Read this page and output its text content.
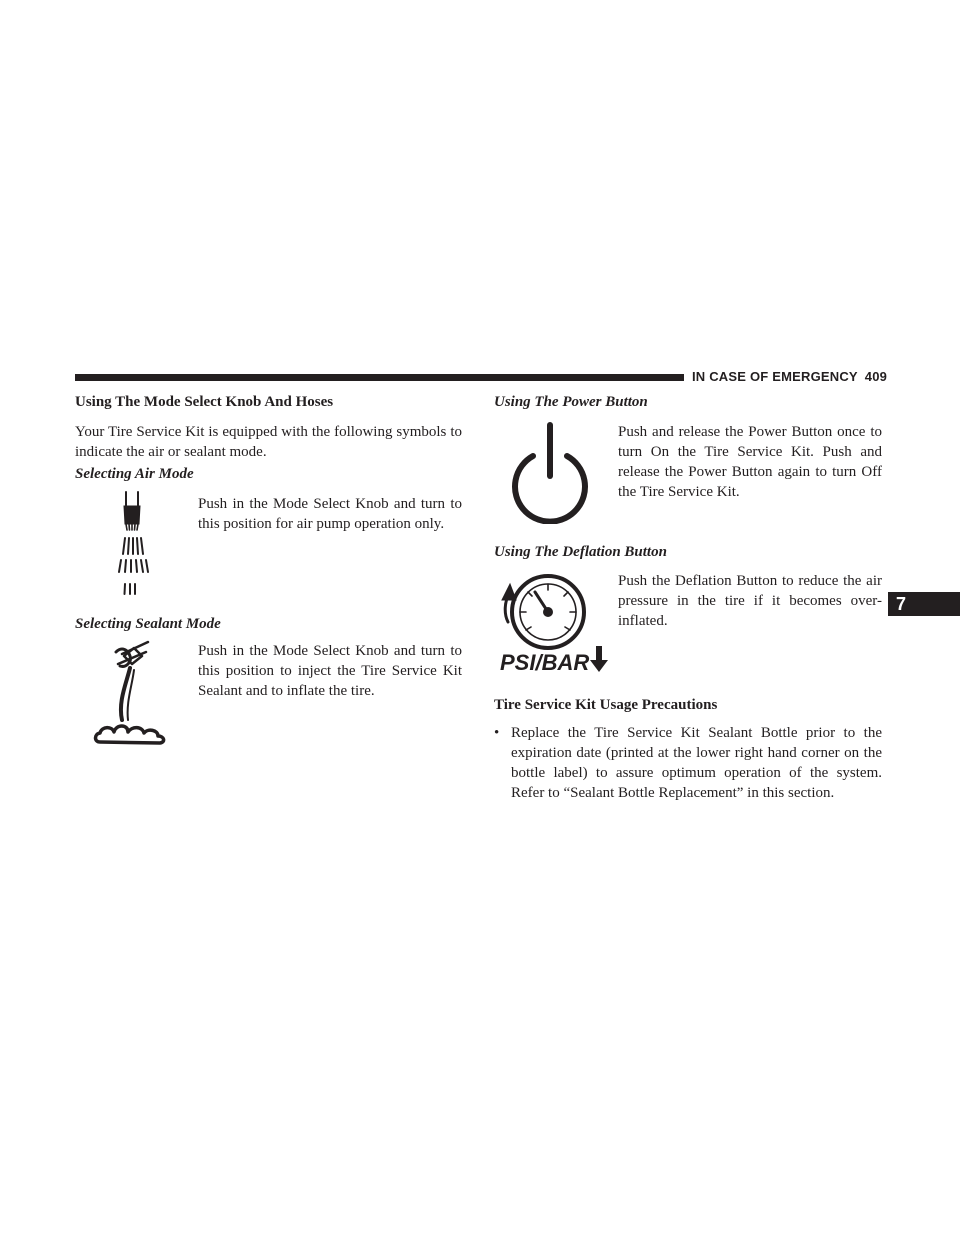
IN CASE OF EMERGENCY 409
7
Using The Mode Select Knob And Hoses
Your Tire Service Kit is equipped with the following symbols to indicate the air or sealant mode.
Selecting Air Mode
Push in the Mode Select Knob and turn to this position for air pump operation only.
Selecting Sealant Mode
Push in the Mode Select Knob and turn to this position to inject the Tire Service Kit Sealant and to inflate the tire.
Using The Power Button
Push and release the Power Button once to turn On the Tire Service Kit. Push and release the Power Button again to turn Off the Tire Service Kit.
Using The Deflation Button
PSI/BAR
Push the Deflation Button to reduce the air pressure in the tire if it becomes over-inflated.
Tire Service Kit Usage Precautions
• Replace the Tire Service Kit Sealant Bottle prior to the expiration date (printed at the lower right hand corner on the bottle label) to assure optimum operation of the system. Refer to “Sealant Bottle Replacement” in this section.
